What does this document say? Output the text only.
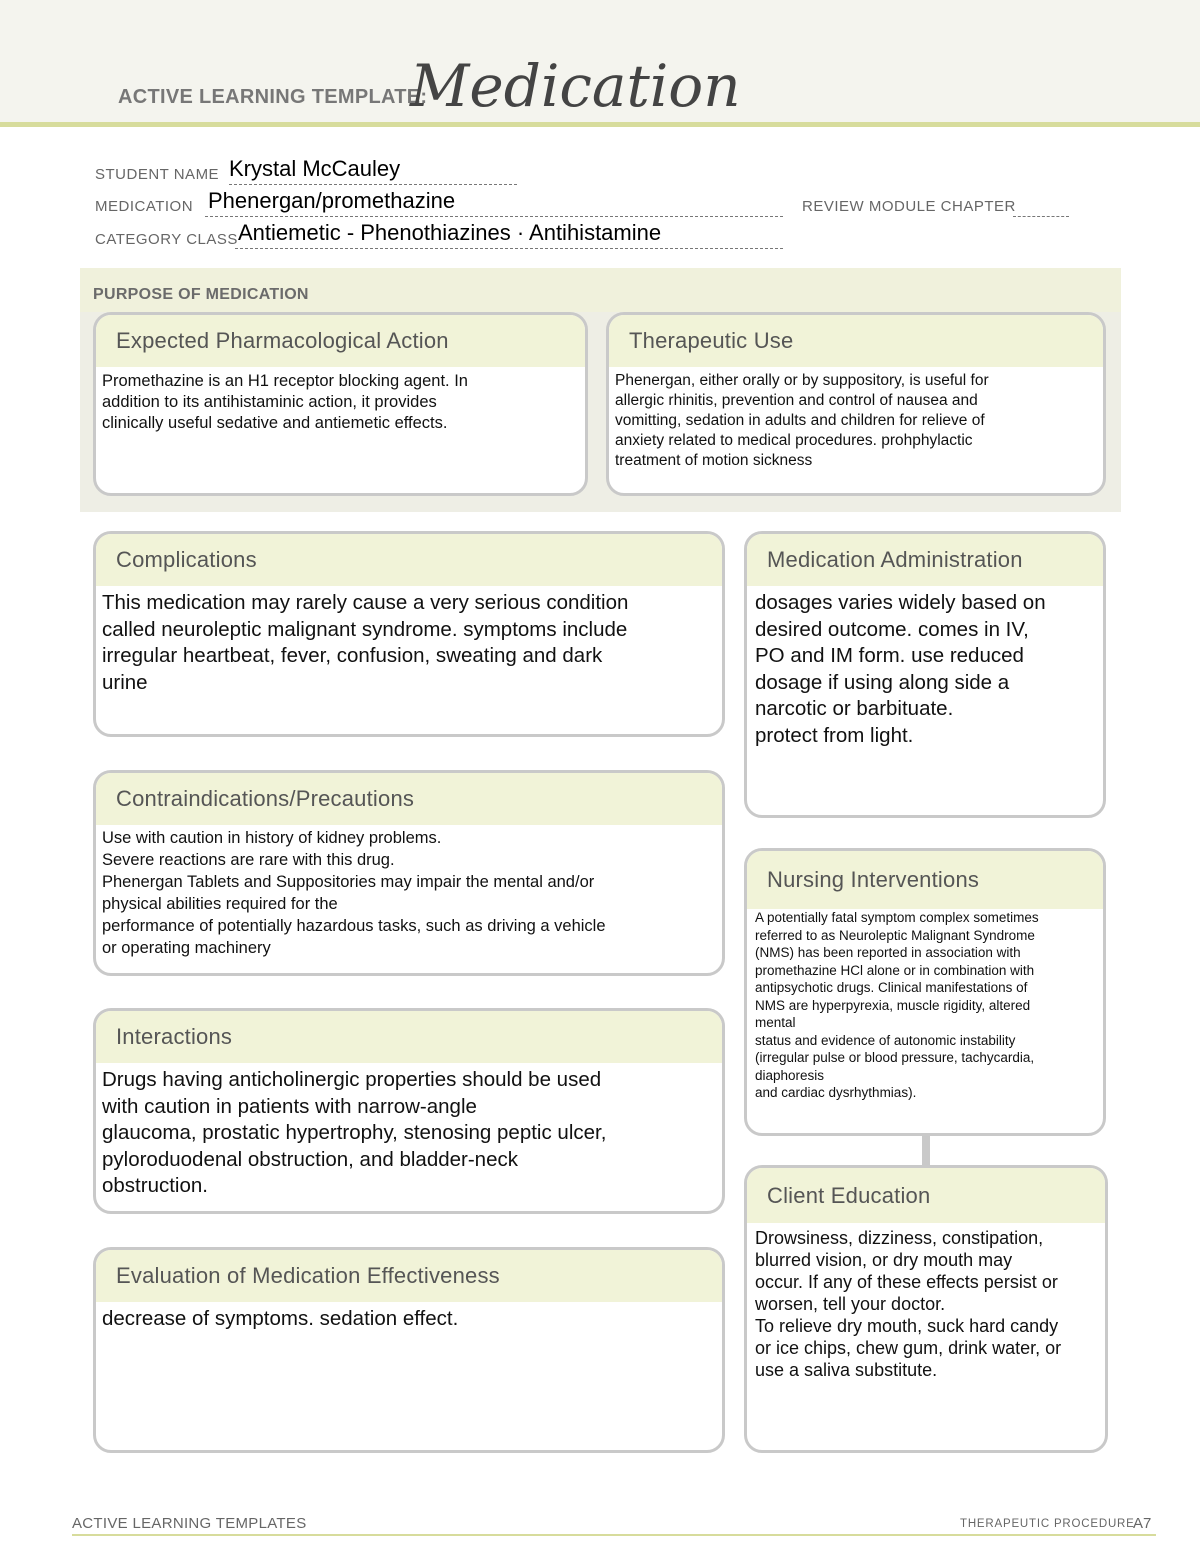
ACTIVE LEARNING TEMPLATE:
Medication
STUDENT NAME Krystal McCauley
MEDICATION Phenergan/promethazine	REVIEW MODULE CHAPTER
CATEGORY CLASS Antiemetic - Phenothiazines · Antihistamine
PURPOSE OF MEDICATION
Expected Pharmacological Action
Promethazine is an H1 receptor blocking agent. In
addition to its antihistaminic action, it provides
clinically useful sedative and antiemetic effects.
Therapeutic Use
Phenergan, either orally or by suppository, is useful for
allergic rhinitis, prevention and control of nausea and
vomitting, sedation in adults and children for relieve of
anxiety related to medical procedures. prohphylactic
treatment of motion sickness
Complications
This medication may rarely cause a very serious condition
called neuroleptic malignant syndrome. symptoms include
irregular heartbeat, fever, confusion, sweating and dark
urine
Medication Administration
dosages varies widely based on
desired outcome. comes in IV,
PO and IM form. use reduced
dosage if using along side a
narcotic or barbituate.
protect from light.
Contraindications/Precautions
Use with caution in history of kidney problems.
Severe reactions are rare with this drug.
Phenergan Tablets and Suppositories may impair the mental and/or
physical abilities required for the
performance of potentially hazardous tasks, such as driving a vehicle
or operating machinery
Nursing Interventions
A potentially fatal symptom complex sometimes
referred to as Neuroleptic Malignant Syndrome
(NMS) has been reported in association with
promethazine HCl alone or in combination with
antipsychotic drugs. Clinical manifestations of
NMS are hyperpyrexia, muscle rigidity, altered
mental
status and evidence of autonomic instability
(irregular pulse or blood pressure, tachycardia,
diaphoresis
and cardiac dysrhythmias).
Interactions
Drugs having anticholinergic properties should be used
with caution in patients with narrow-angle
glaucoma, prostatic hypertrophy, stenosing peptic ulcer,
pyloroduodenal obstruction, and bladder-neck
obstruction.	Client Education
Drowsiness, dizziness, constipation,
blurred vision, or dry mouth may
occur. If any of these effects persist or
worsen, tell your doctor.
To relieve dry mouth, suck hard candy
or ice chips, chew gum, drink water, or
use a saliva substitute.
Evaluation of Medication Effectiveness
decrease of symptoms. sedation effect.
ACTIVE LEARNING TEMPLATES	THERAPEUTIC PROCEDURE
A7
